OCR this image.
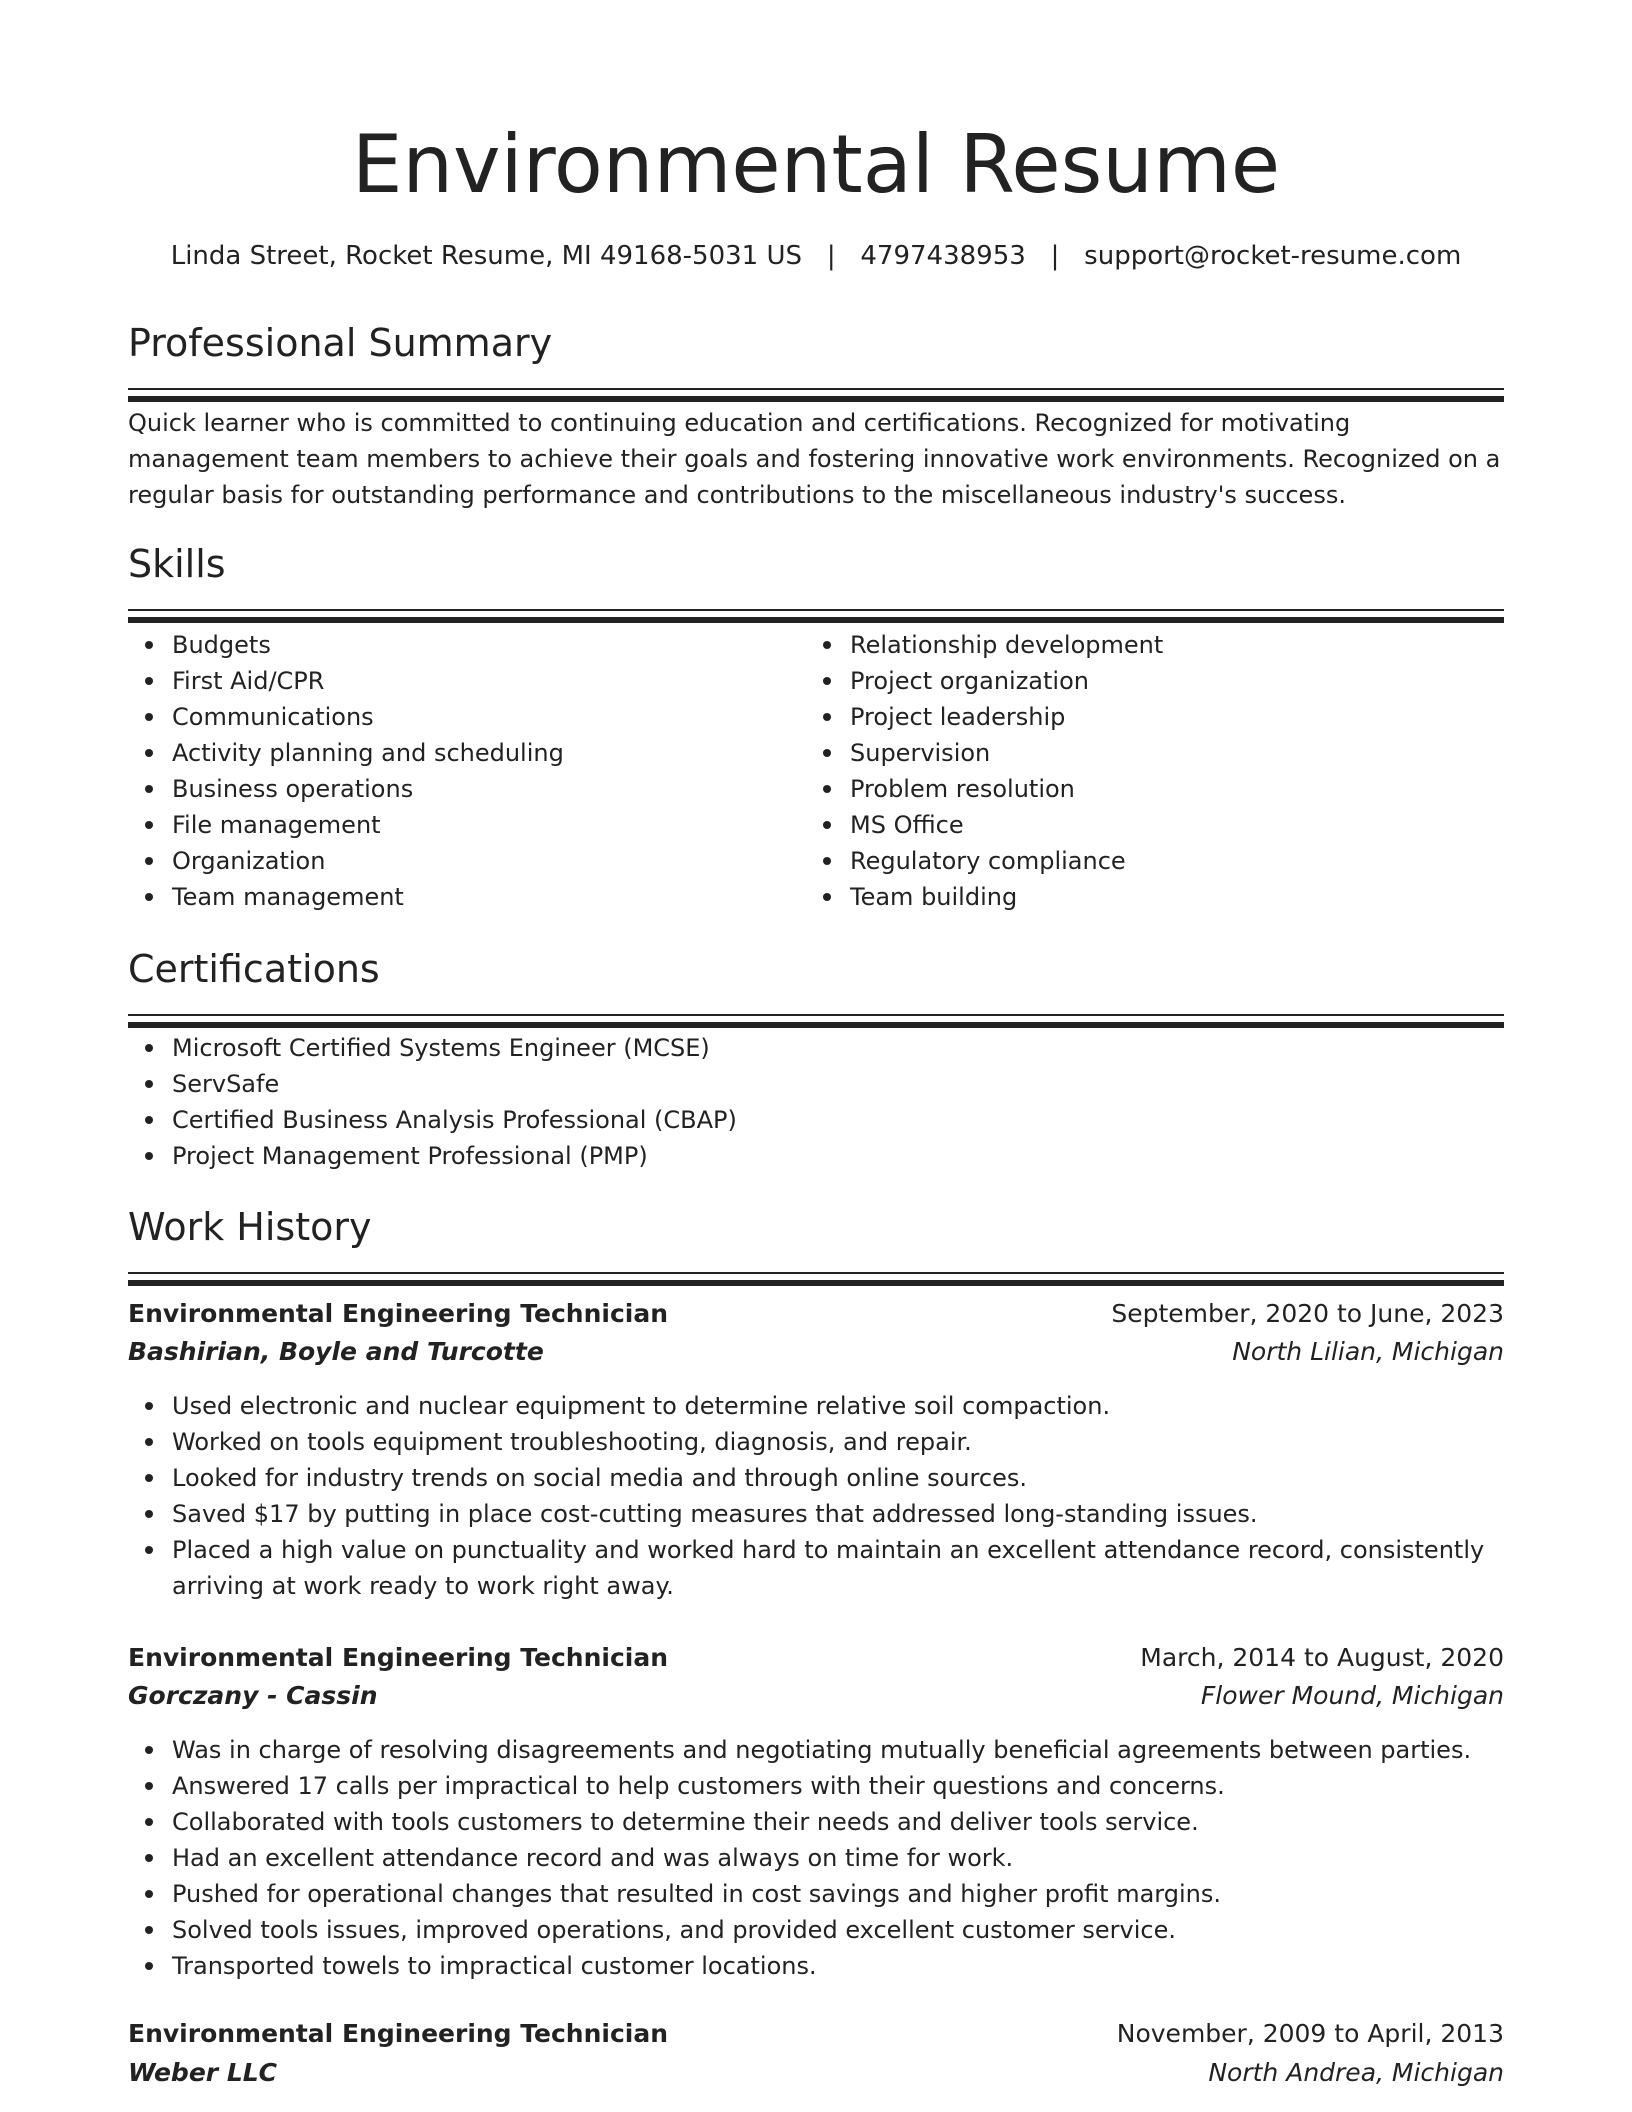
Environmental Resume
Linda Street, Rocket Resume, MI 49168-5031 US | 4797438953 | support@rocket-resume.com
Professional Summary
Quick learner who is committed to continuing education and certifications. Recognized for motivating management team members to achieve their goals and fostering innovative work environments. Recognized on a regular basis for outstanding performance and contributions to the miscellaneous industry's success.
Skills
Budgets
First Aid/CPR
Communications
Activity planning and scheduling
Business operations
File management
Organization
Team management
Relationship development
Project organization
Project leadership
Supervision
Problem resolution
MS Office
Regulatory compliance
Team building
Certifications
Microsoft Certified Systems Engineer (MCSE)
ServSafe
Certified Business Analysis Professional (CBAP)
Project Management Professional (PMP)
Work History
Environmental Engineering Technician	September, 2020 to June, 2023
Bashirian, Boyle and Turcotte	North Lilian, Michigan
Used electronic and nuclear equipment to determine relative soil compaction.
Worked on tools equipment troubleshooting, diagnosis, and repair.
Looked for industry trends on social media and through online sources.
Saved $17 by putting in place cost-cutting measures that addressed long-standing issues.
Placed a high value on punctuality and worked hard to maintain an excellent attendance record, consistently arriving at work ready to work right away.
Environmental Engineering Technician	March, 2014 to August, 2020
Gorczany - Cassin	Flower Mound, Michigan
Was in charge of resolving disagreements and negotiating mutually beneficial agreements between parties.
Answered 17 calls per impractical to help customers with their questions and concerns.
Collaborated with tools customers to determine their needs and deliver tools service.
Had an excellent attendance record and was always on time for work.
Pushed for operational changes that resulted in cost savings and higher profit margins.
Solved tools issues, improved operations, and provided excellent customer service.
Transported towels to impractical customer locations.
Environmental Engineering Technician	November, 2009 to April, 2013
Weber LLC	North Andrea, Michigan
